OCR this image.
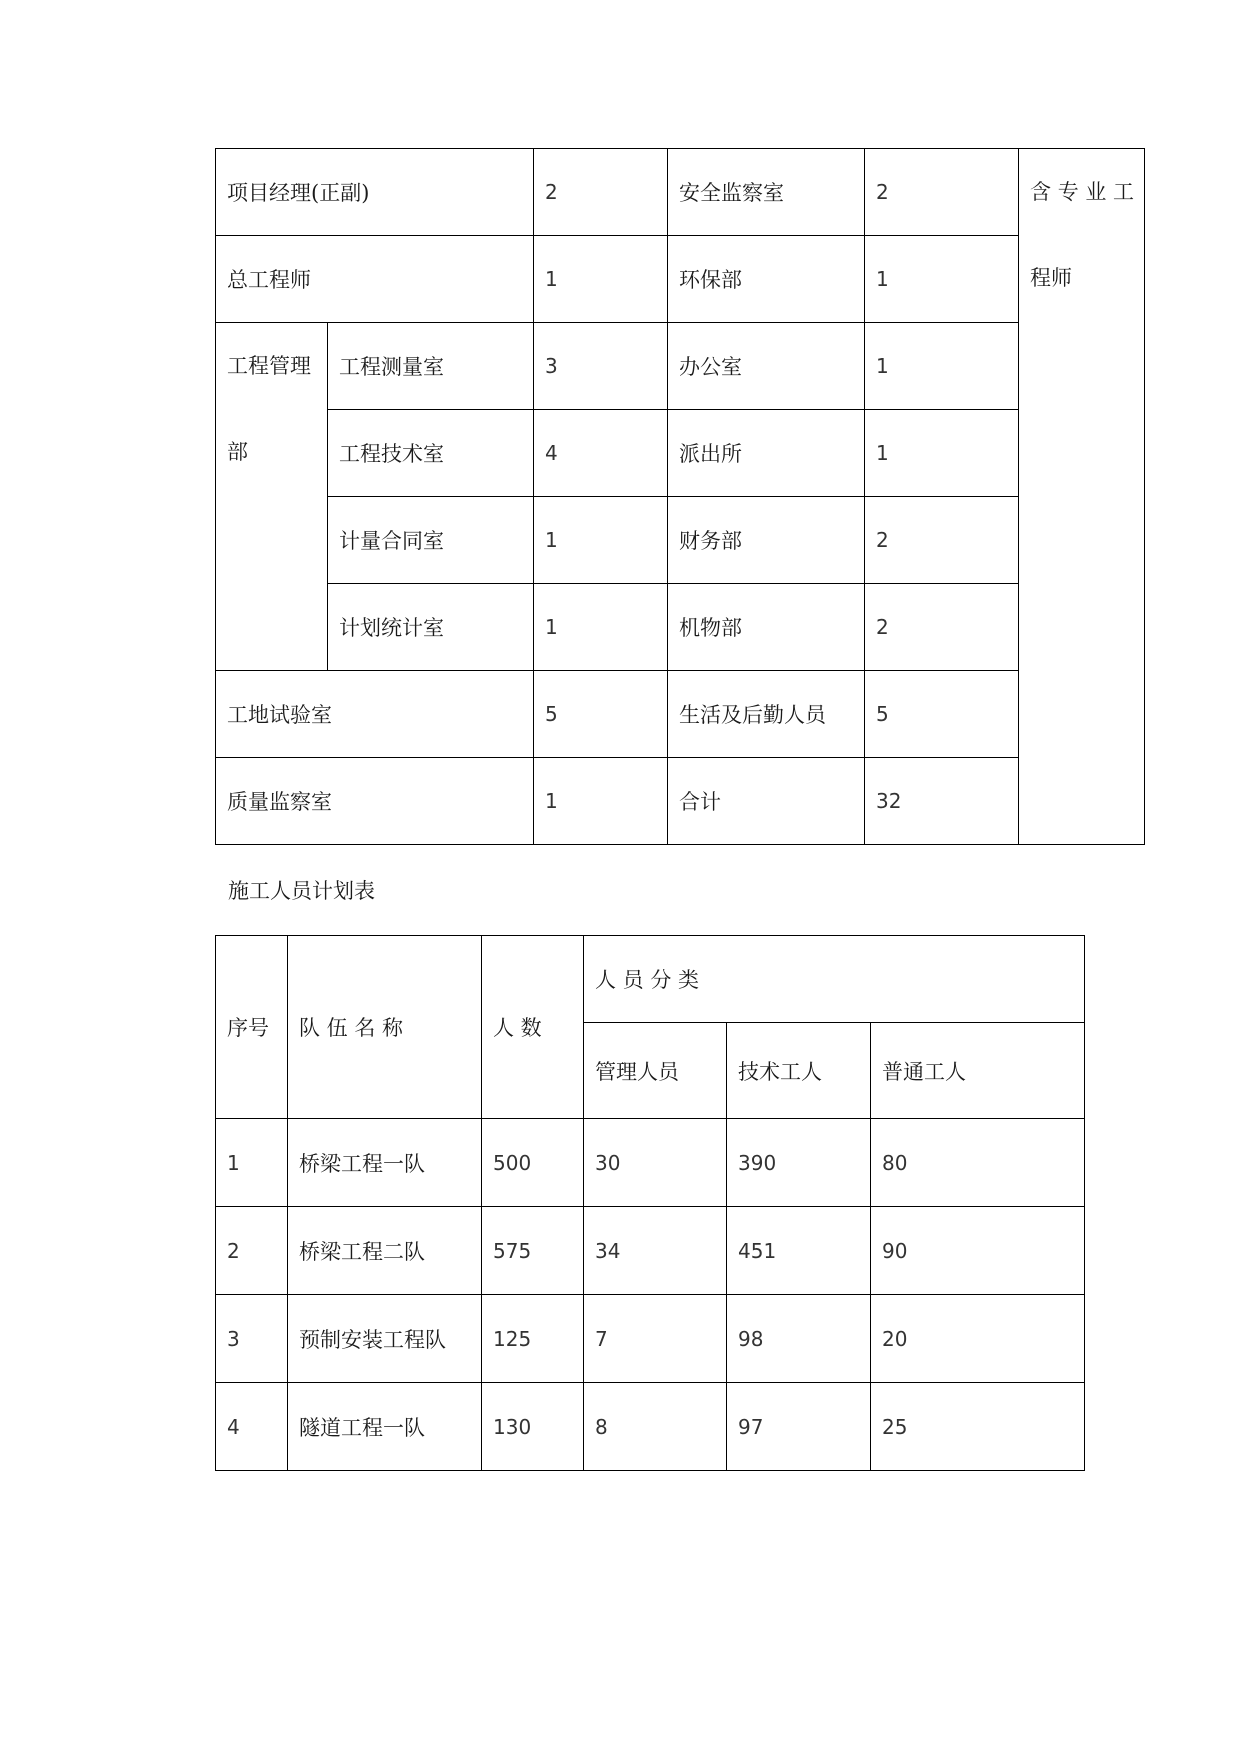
项目经理(正副)		2	安全监察室	2	含 专 业 工
程师

总工程师		1	环保部	1	

工程管理
部	工程测量室	3	办公室	1	
	工程技术室	4	派出所	1	
	计量合同室	1	财务部	2	
	计划统计室	1	机物部	2	
工地试验室		5	生活及后勤人员	5	
质量监察室		1	合计	32	
施工人员计划表
序号	队 伍 名 称	人 数	人 员 分 类		
			管理人员	技术工人	普通工人
1	桥梁工程一队	500	30	390	80
2	桥梁工程二队	575	34	451	90
3	预制安装工程队	125	7	98	20
4	隧道工程一队	130	8	97	25
